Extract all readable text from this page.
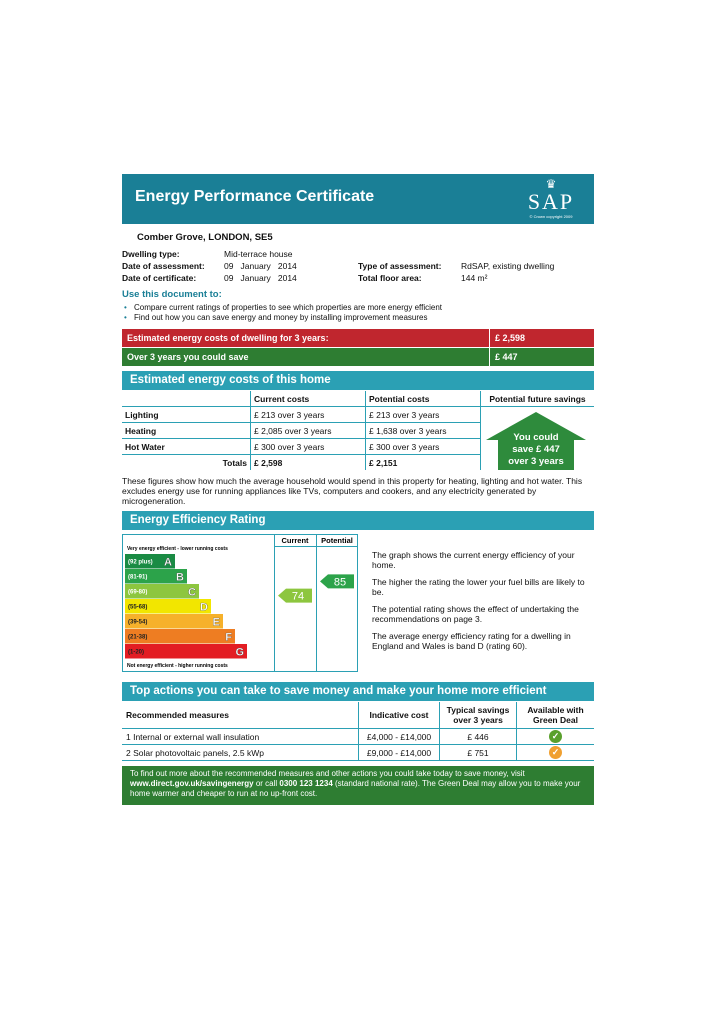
Energy Performance Certificate
♛
SAP
© Crown copyright 2009
Comber Grove, LONDON, SE5
Dwelling type:	Mid-terrace house
Date of assessment: 09   January   2014	Type of assessment: RdSAP, existing dwelling
Date of certificate:	09   January   2014	Total floor area:	144 m²
Use this document to:
• Compare current ratings of properties to see which properties are more energy efficient
• Find out how you can save energy and money by installing improvement measures
Estimated energy costs of dwelling for 3 years:	£ 2,598
Over 3 years you could save	£ 447
Estimated energy costs of this home
	Current costs	Potential costs	Potential future savings
Lighting	£ 213 over 3 years	£ 213 over 3 years	
Heating	£ 2,085 over 3 years	£ 1,638 over 3 years	
Hot Water	£ 300 over 3 years	£ 300 over 3 years	
Totals	£ 2,598	£ 2,151	
You could
save £ 447
over 3 years
These figures show how much the average household would spend in this property for heating, lighting and hot water. This excludes energy use for running appliances like TVs, computers and cookers, and any electricity generated by microgeneration.
Energy Efficiency Rating
Current Potential
Very energy efficient - lower running costs
Not energy efficient - higher running costs
(92 plus) A
(81-91)	B
(69-80)	C
(55-68)	D
(39-54)	E
(21-38)	F
(1-20)	G
74
85

The graph shows the current energy efficiency of your home.

The higher the rating the lower your fuel bills are likely to be.

The potential rating shows the effect of undertaking the recommendations on page 3.

The average energy efficiency rating for a dwelling in England and Wales is band D (rating 60).

Top actions you can take to save money and make your home more efficient
Recommended measures	Indicative cost	Typical savings over 3 years	Available with Green Deal
1 Internal or external wall insulation	£4,000 - £14,000	£ 446	✓
2 Solar photovoltaic panels, 2.5 kWp	£9,000 - £14,000	£ 751	✓
To find out more about the recommended measures and other actions you could take today to save money, visit www.direct.gov.uk/savingenergy or call 0300 123 1234 (standard national rate). The Green Deal may allow you to make your home warmer and cheaper to run at no up-front cost.
